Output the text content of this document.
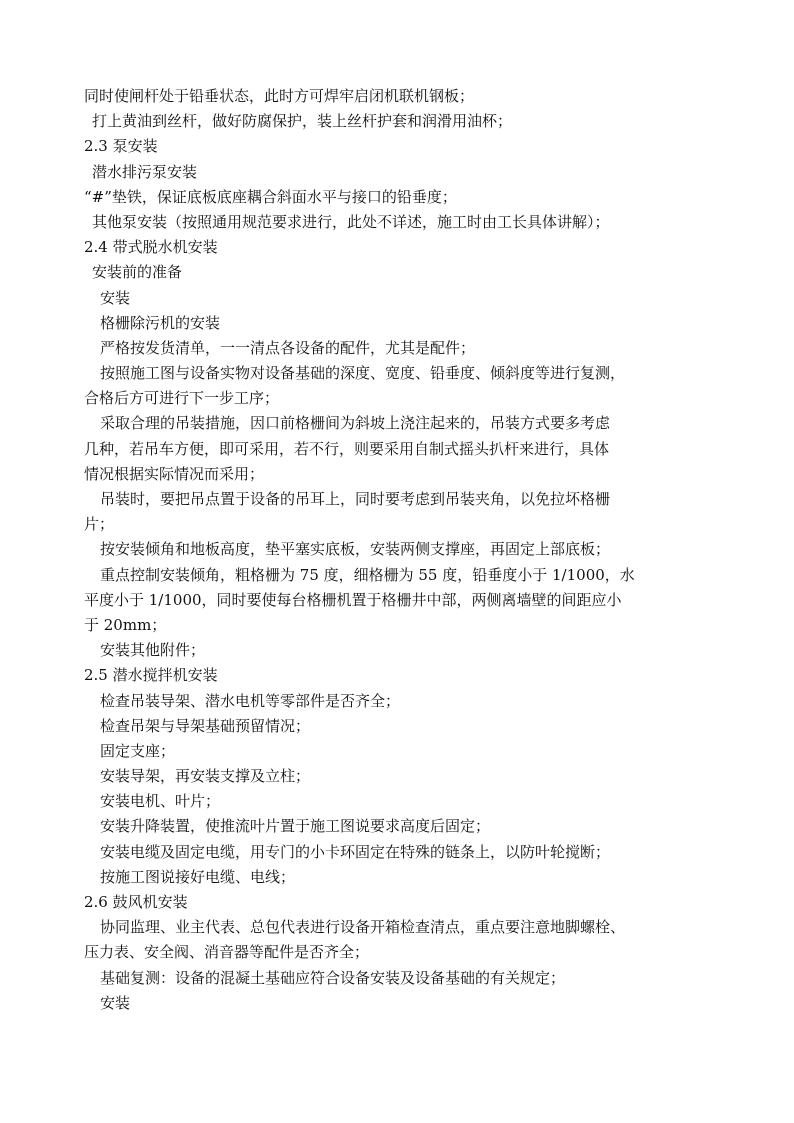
同时使闸杆处于铅垂状态，此时方可焊牢启闭机联机钢板；

打上黄油到丝杆，做好防腐保护，装上丝杆护套和润滑用油杯；

2.3 泵安装

潜水排污泵安装

“#”垫铁，保证底板底座耦合斜面水平与接口的铅垂度；

其他泵安装（按照通用规范要求进行，此处不详述，施工时由工长具体讲解）；

2.4 带式脱水机安装

安装前的准备

安装

格栅除污机的安装

严格按发货清单，一一清点各设备的配件，尤其是配件；

按照施工图与设备实物对设备基础的深度、宽度、铅垂度、倾斜度等进行复测，

合格后方可进行下一步工序；

采取合理的吊装措施，因口前格栅间为斜坡上浇注起来的，吊装方式要多考虑

几种，若吊车方便，即可采用，若不行，则要采用自制式摇头扒杆来进行，具体

情况根据实际情况而采用；

吊装时，要把吊点置于设备的吊耳上，同时要考虑到吊装夹角，以免拉坏格栅

片；

按安装倾角和地板高度，垫平塞实底板，安装两侧支撑座，再固定上部底板；

重点控制安装倾角，粗格栅为 75 度，细格栅为 55 度，铅垂度小于 1/1000，水

平度小于 1/1000，同时要使每台格栅机置于格栅井中部，两侧离墙壁的间距应小

于 20mm；

安装其他附件；

2.5 潜水搅拌机安装

检查吊装导架、潜水电机等零部件是否齐全；

检查吊架与导架基础预留情况；

固定支座；

安装导架，再安装支撑及立柱；

安装电机、叶片；

安装升降装置，使推流叶片置于施工图说要求高度后固定；

安装电缆及固定电缆，用专门的小卡环固定在特殊的链条上，以防叶轮搅断；

按施工图说接好电缆、电线；

2.6 鼓风机安装

协同监理、业主代表、总包代表进行设备开箱检查清点，重点要注意地脚螺栓、

压力表、安全阀、消音器等配件是否齐全；

基础复测：设备的混凝土基础应符合设备安装及设备基础的有关规定；

安装
